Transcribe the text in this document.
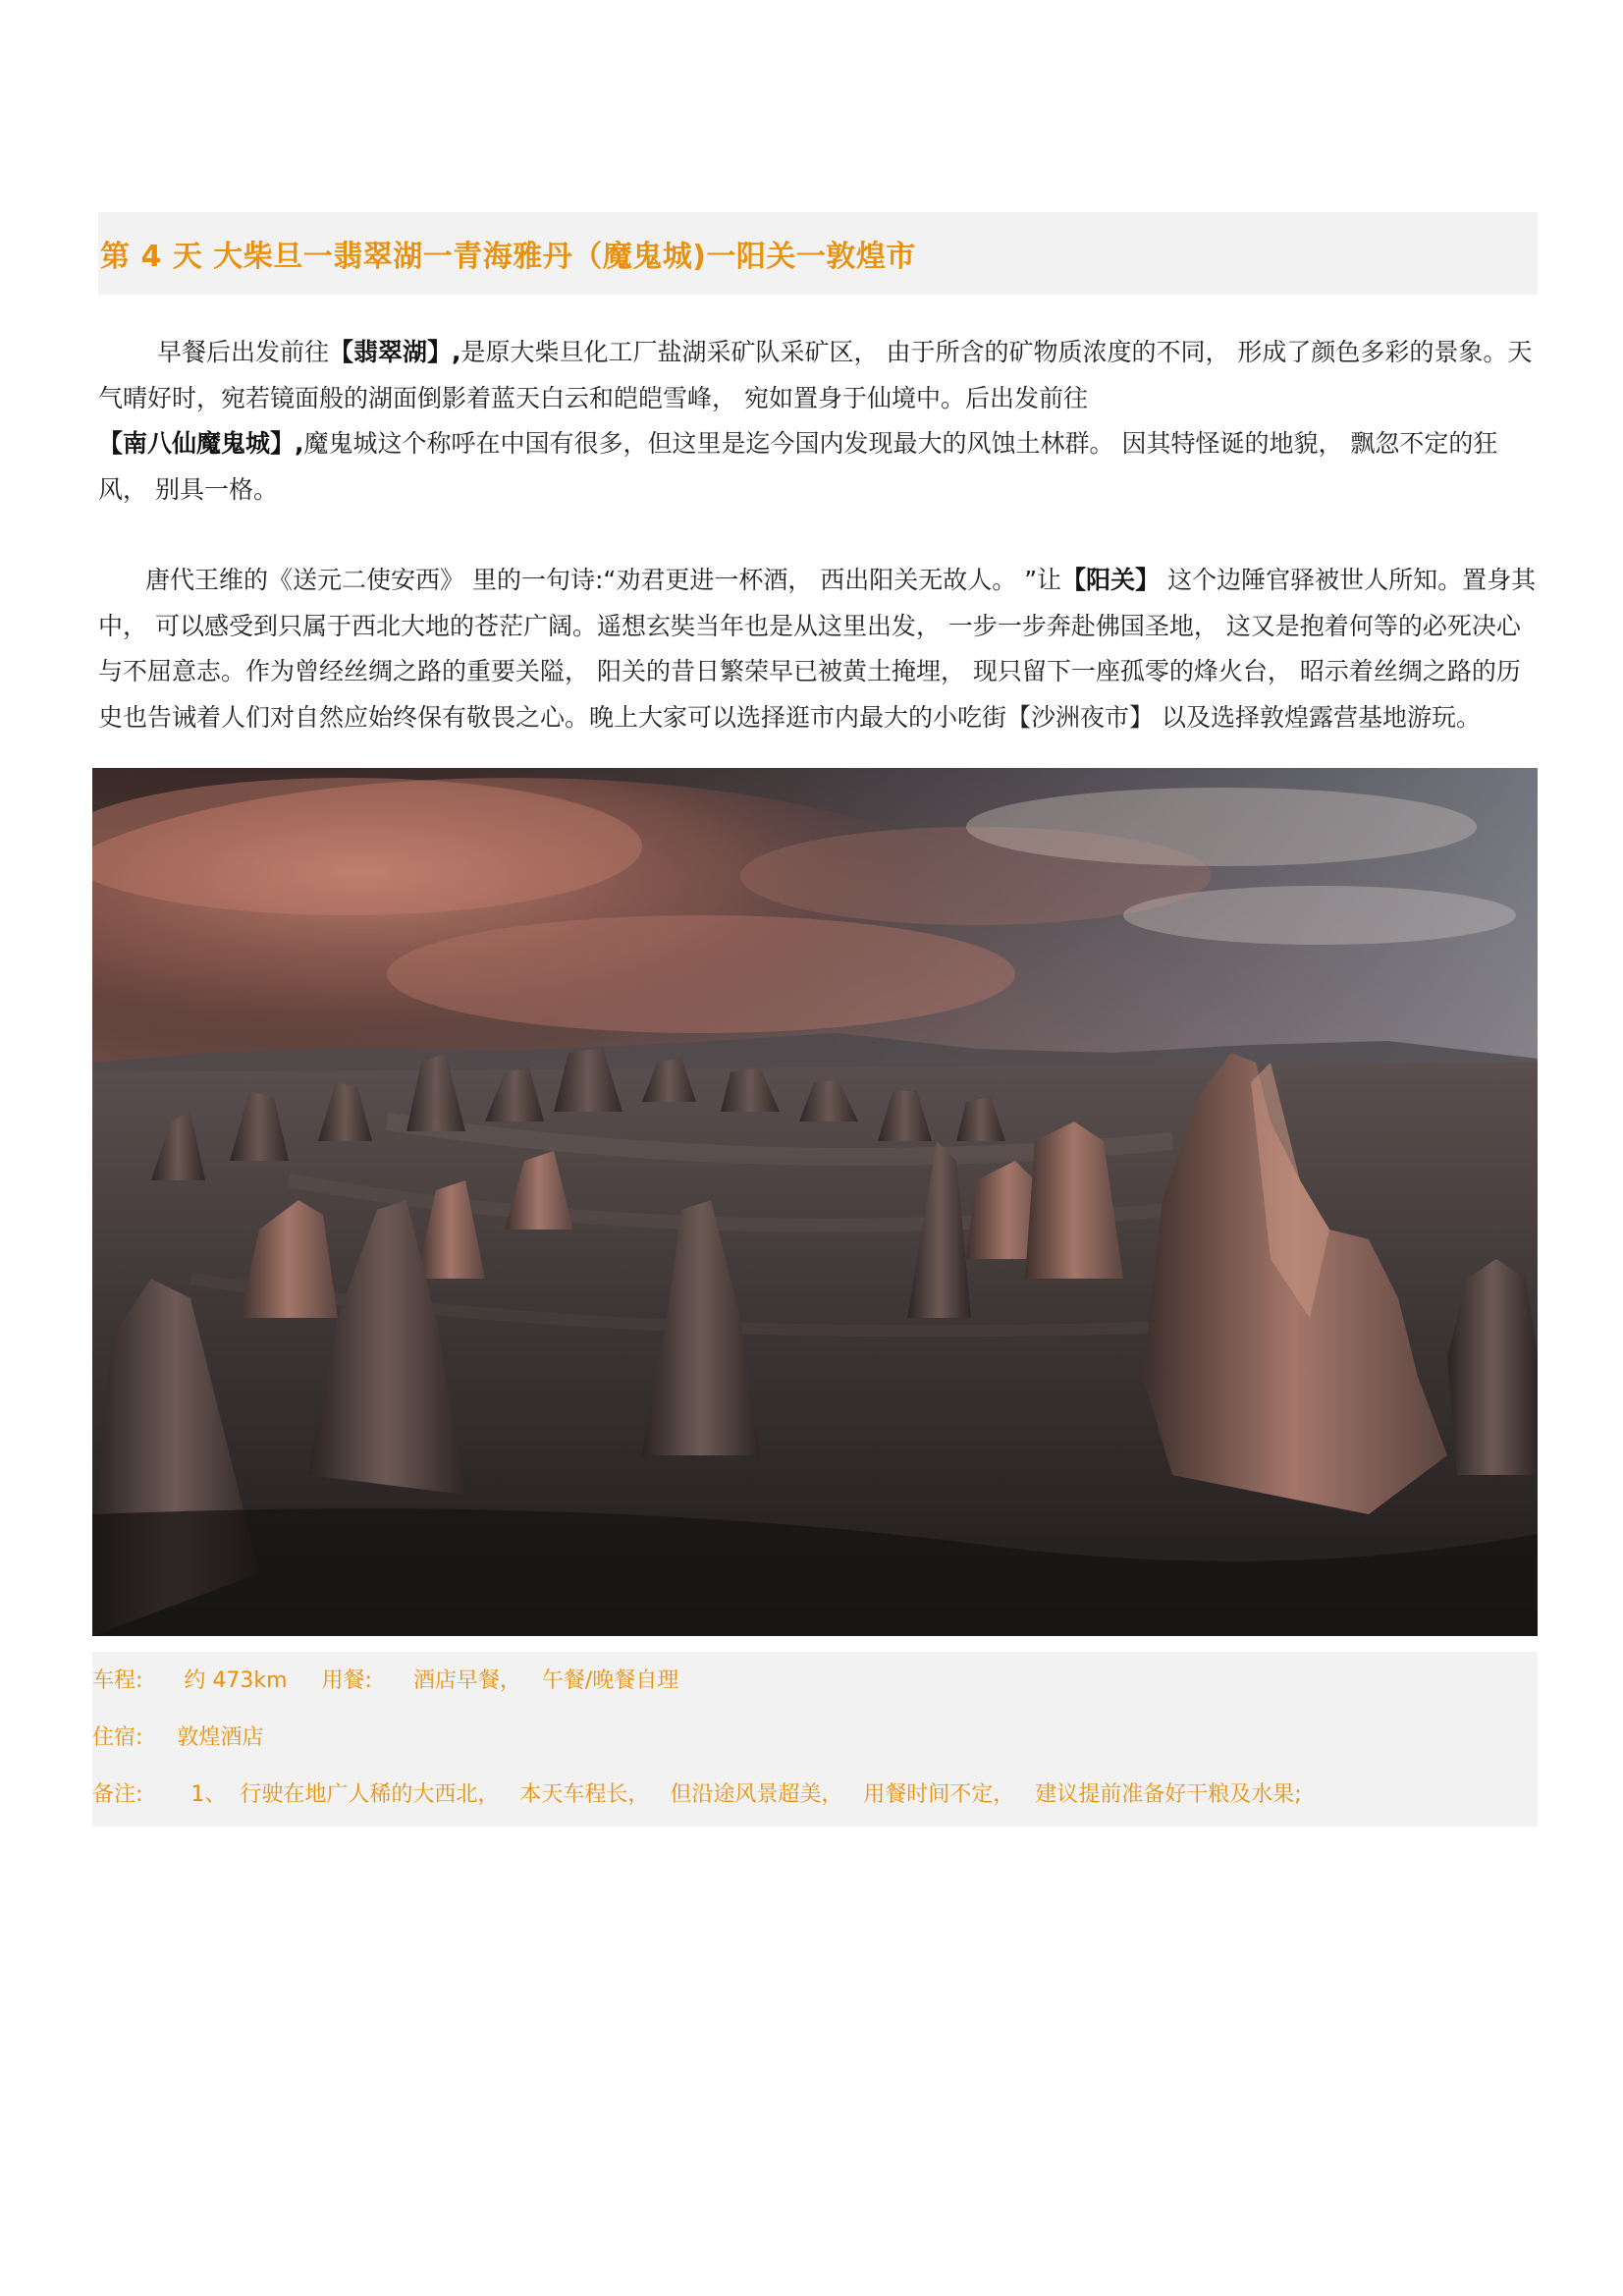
第 4 天 大柴旦一翡翠湖一青海雅丹（魔鬼城)一阳关一敦煌市

早餐后出发前往【翡翠湖】,是原大柴旦化工厂盐湖采矿队采矿区， 由于所含的矿物质浓度的不同， 形成了颜色多彩的景象。天气晴好时，宛若镜面般的湖面倒影着蓝天白云和皑皑雪峰， 宛如置身于仙境中。后出发前往
【南八仙魔鬼城】,魔鬼城这个称呼在中国有很多，但这里是迄今国内发现最大的风蚀土林群。 因其特怪诞的地貌， 飘忽不定的狂风， 别具一格。

唐代王维的《送元二使安西》 里的一句诗:“劝君更进一杯酒， 西出阳关无故人。 ”让【阳关】 这个边陲官驿被世人所知。置身其中， 可以感受到只属于西北大地的苍茫广阔。遥想玄奘当年也是从这里出发， 一步一步奔赴佛国圣地， 这又是抱着何等的必死决心与不屈意志。作为曾经丝绸之路的重要关隘， 阳关的昔日繁荣早已被黄土掩埋， 现只留下一座孤零的烽火台， 昭示着丝绸之路的历史也告诫着人们对自然应始终保有敬畏之心。晚上大家可以选择逛市内最大的小吃街【沙洲夜市】 以及选择敦煌露营基地游玩。

车程: 约 473km 用餐: 酒店早餐，   午餐/晚餐自理
住宿: 敦煌酒店
备注: 1、  行驶在地广人稀的大西北，   本天车程长，   但沿途风景超美，   用餐时间不定，   建议提前准备好干粮及水果;
